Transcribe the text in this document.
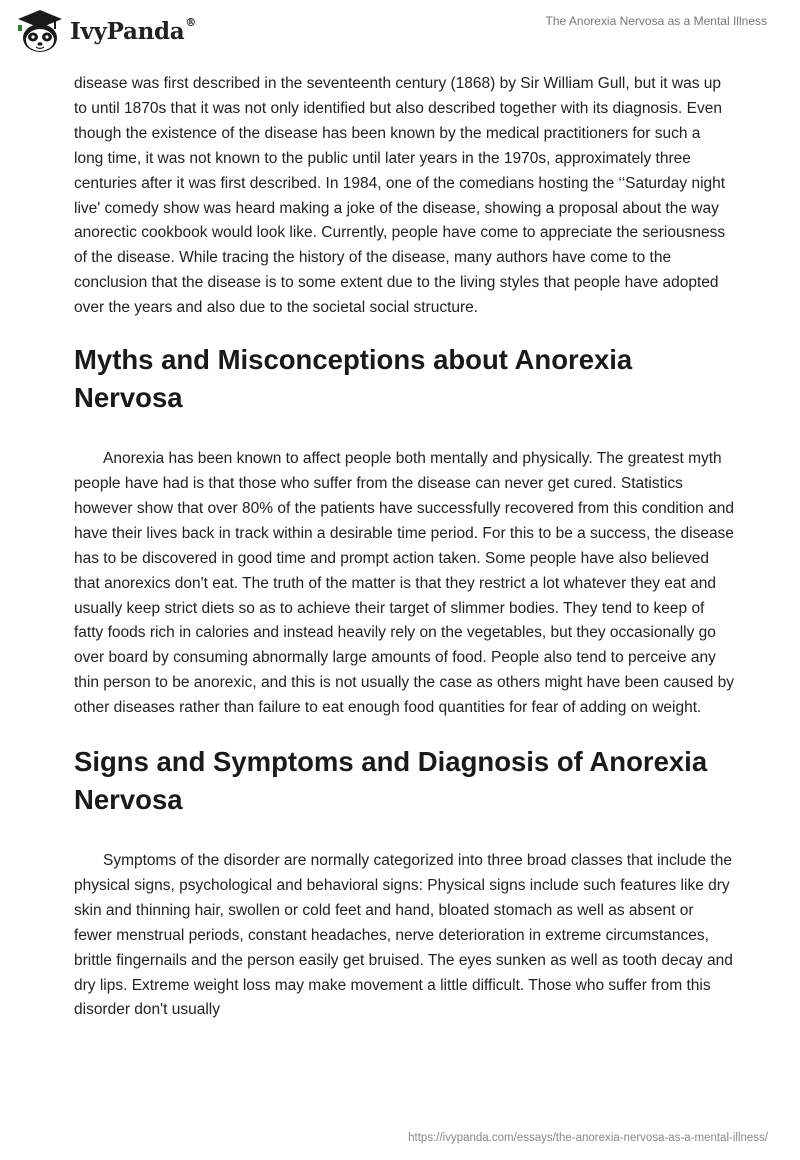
IvyPanda®	The Anorexia Nervosa as a Mental Illness

disease was first described in the seventeenth century (1868) by Sir William Gull, but it was up to until 1870s that it was not only identified but also described together with its diagnosis. Even though the existence of the disease has been known by the medical practitioners for such a long time, it was not known to the public until later years in the 1970s, approximately three centuries after it was first described. In 1984, one of the comedians hosting the ‘‘Saturday night live' comedy show was heard making a joke of the disease, showing a proposal about the way anorectic cookbook would look like. Currently, people have come to appreciate the seriousness of the disease. While tracing the history of the disease, many authors have come to the conclusion that the disease is to some extent due to the living styles that people have adopted over the years and also due to the societal social structure.

Myths and Misconceptions about Anorexia Nervosa

Anorexia has been known to affect people both mentally and physically. The greatest myth people have had is that those who suffer from the disease can never get cured. Statistics however show that over 80% of the patients have successfully recovered from this condition and have their lives back in track within a desirable time period. For this to be a success, the disease has to be discovered in good time and prompt action taken. Some people have also believed that anorexics don't eat. The truth of the matter is that they restrict a lot whatever they eat and usually keep strict diets so as to achieve their target of slimmer bodies. They tend to keep of fatty foods rich in calories and instead heavily rely on the vegetables, but they occasionally go over board by consuming abnormally large amounts of food. People also tend to perceive any thin person to be anorexic, and this is not usually the case as others might have been caused by other diseases rather than failure to eat enough food quantities for fear of adding on weight.

Signs and Symptoms and Diagnosis of Anorexia Nervosa

Symptoms of the disorder are normally categorized into three broad classes that include the physical signs, psychological and behavioral signs: Physical signs include such features like dry skin and thinning hair, swollen or cold feet and hand, bloated stomach as well as absent or fewer menstrual periods, constant headaches, nerve deterioration in extreme circumstances, brittle fingernails and the person easily get bruised. The eyes sunken as well as tooth decay and dry lips. Extreme weight loss may make movement a little difficult. Those who suffer from this disorder don't usually

https://ivypanda.com/essays/the-anorexia-nervosa-as-a-mental-illness/
